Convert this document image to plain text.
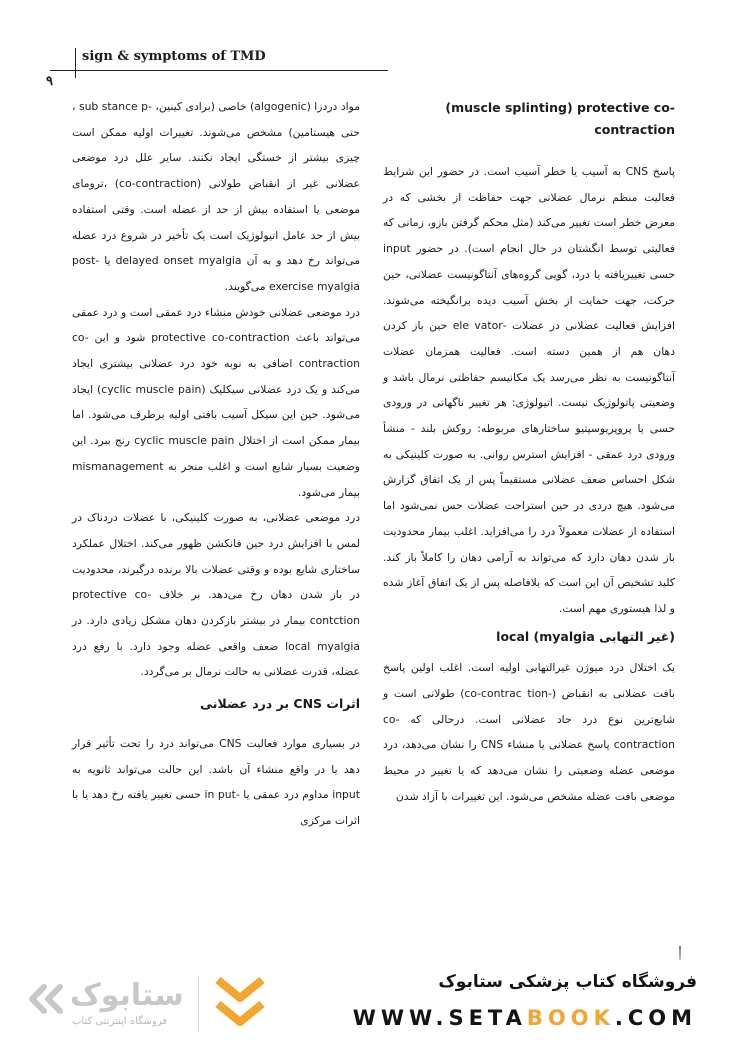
۹
sign & symptoms of TMD

مواد دردزا (algogenic) خاصی (برادی کینین، -sub stance p ، حتی هیستامین) مشخص می‌شوند. تغییرات اولیه ممکن است چیزی بیشتر از خستگی ایجاد نکنند. سایر علل درد موضعی عضلانی غیر از انقباض طولانی (co-contraction) ،ترومای موضعی یا استفاده بیش از حد از عضله است. وقتی استفاده بیش از حد عامل اتیولوژیک است یک تأخیر در شروع درد عضله می‌تواند رخ دهد و به آن delayed onset myalgia یا post-exercise myalgia می‌گویند.

درد موضعی عضلانی خودش منشاء درد عمقی است و درد عمقی می‌تواند باعث protective co-contraction شود و این co-contraction اضافی به نوبه خود درد عضلانی بیشتری ایجاد می‌کند و یک درد عضلانی سیکلیک (cyclic muscle pain) ایجاد می‌شود. حین این سیکل آسیب بافتی اولیه برطرف می‌شود. اما بیمار ممکن است از اختلال cyclic muscle pain رنج ببرد. این وضعیت بسیار شایع است و اغلب منجر به mismanagement بیمار می‌شود.

درد موضعی عضلانی، به صورت کلینیکی، با عضلات دردناک در لمس با افزایش درد حین فانکشن ظهور می‌کند. اختلال عملکرد ساختاری شایع بوده و وقتی عضلات بالا برنده درگیرند، محدودیت در باز شدن دهان رخ می‌دهد. بر خلاف protective co-contction بیمار در بیشتر بازکردن دهان مشکل زیادی دارد. در local myalgia ضعف واقعی عضله وجود دارد. با رفع درد عضله، قدرت عضلانی به حالت نرمال بر می‌گردد.

اثرات CNS بر درد عضلانی

در بسیاری موارد فعالیت CNS می‌تواند درد را تحت تأثیر قرار دهد یا در واقع منشاء آن باشد. این حالت می‌تواند ثانویه به input مداوم درد عمقی یا -in put حسی تغییر یافته رخ دهد یا با اثرات مرکزی

(muscle splinting) protective co-contraction

پاسخ CNS به آسیب یا خطر آسیب است. در حضور این شرایط فعالیت منظم نرمال عضلانی جهت حفاظت از بخشی که در معرض خطر است تغییر می‌کند (مثل محکم گرفتن بازو، زمانی که فعالیتی توسط انگشتان در حال انجام است). در حضور input حسی تغییریافته یا درد، گویی گروه‌های آنتاگونیست عضلانی، حین حرکت، جهت حمایت از بخش آسیب دیده برانگیخته می‌شوند. افزایش فعالیت عضلانی در عضلات -ele vator حین باز کردن دهان هم از همین دسته است. فعالیت همزمان عضلات آنتاگونیست به نظر می‌رسد یک مکانیسم حفاظتی نرمال باشد و وضعیتی پاتولوژیک نیست. اتیولوژی: هر تغییر ناگهانی در ورودی حسی یا پروپریوسپتیو ساختارهای مربوطه: روکش بلند - منشأ ورودی درد عمقی - افزایش استرس روانی. به صورت کلینیکی به شکل احساس ضعف عضلانی مستقیماً پس از یک اتفاق گزارش می‌شود. هیچ دردی در حین استراحت عضلات حس نمی‌شود اما استفاده از عضلات معمولاً درد را می‌افزاید. اغلب بیمار محدودیت باز شدن دهان دارد که می‌تواند به آرامی دهان را کاملاً باز کند. کلید تشخیص آن این است که بلافاصله پس از یک اتفاق آغاز شده و لذا هیستوری مهم است.

(غیر التهابی local (myalgia

یک اختلال درد میوژن غیرالتهابی اولیه است. اغلب اولین پاسخ بافت عضلانی به انقباض (-co-contrac tion) طولانی است و شایع‌ترین نوع درد حاد عضلانی است. درحالی که co-contraction پاسخ عضلانی یا منشاء CNS را نشان می‌دهد، درد موضعی عضله وضعیتی را نشان می‌دهد که یا تغییر در محیط موضعی بافت عضله مشخص می‌شود. این تغییرات با آزاد شدن

ستابوک
فروشگاه اینترنتی کتاب
فروشگاه کتاب پزشکی ستابوک
WWW.SETABOOK.COM
